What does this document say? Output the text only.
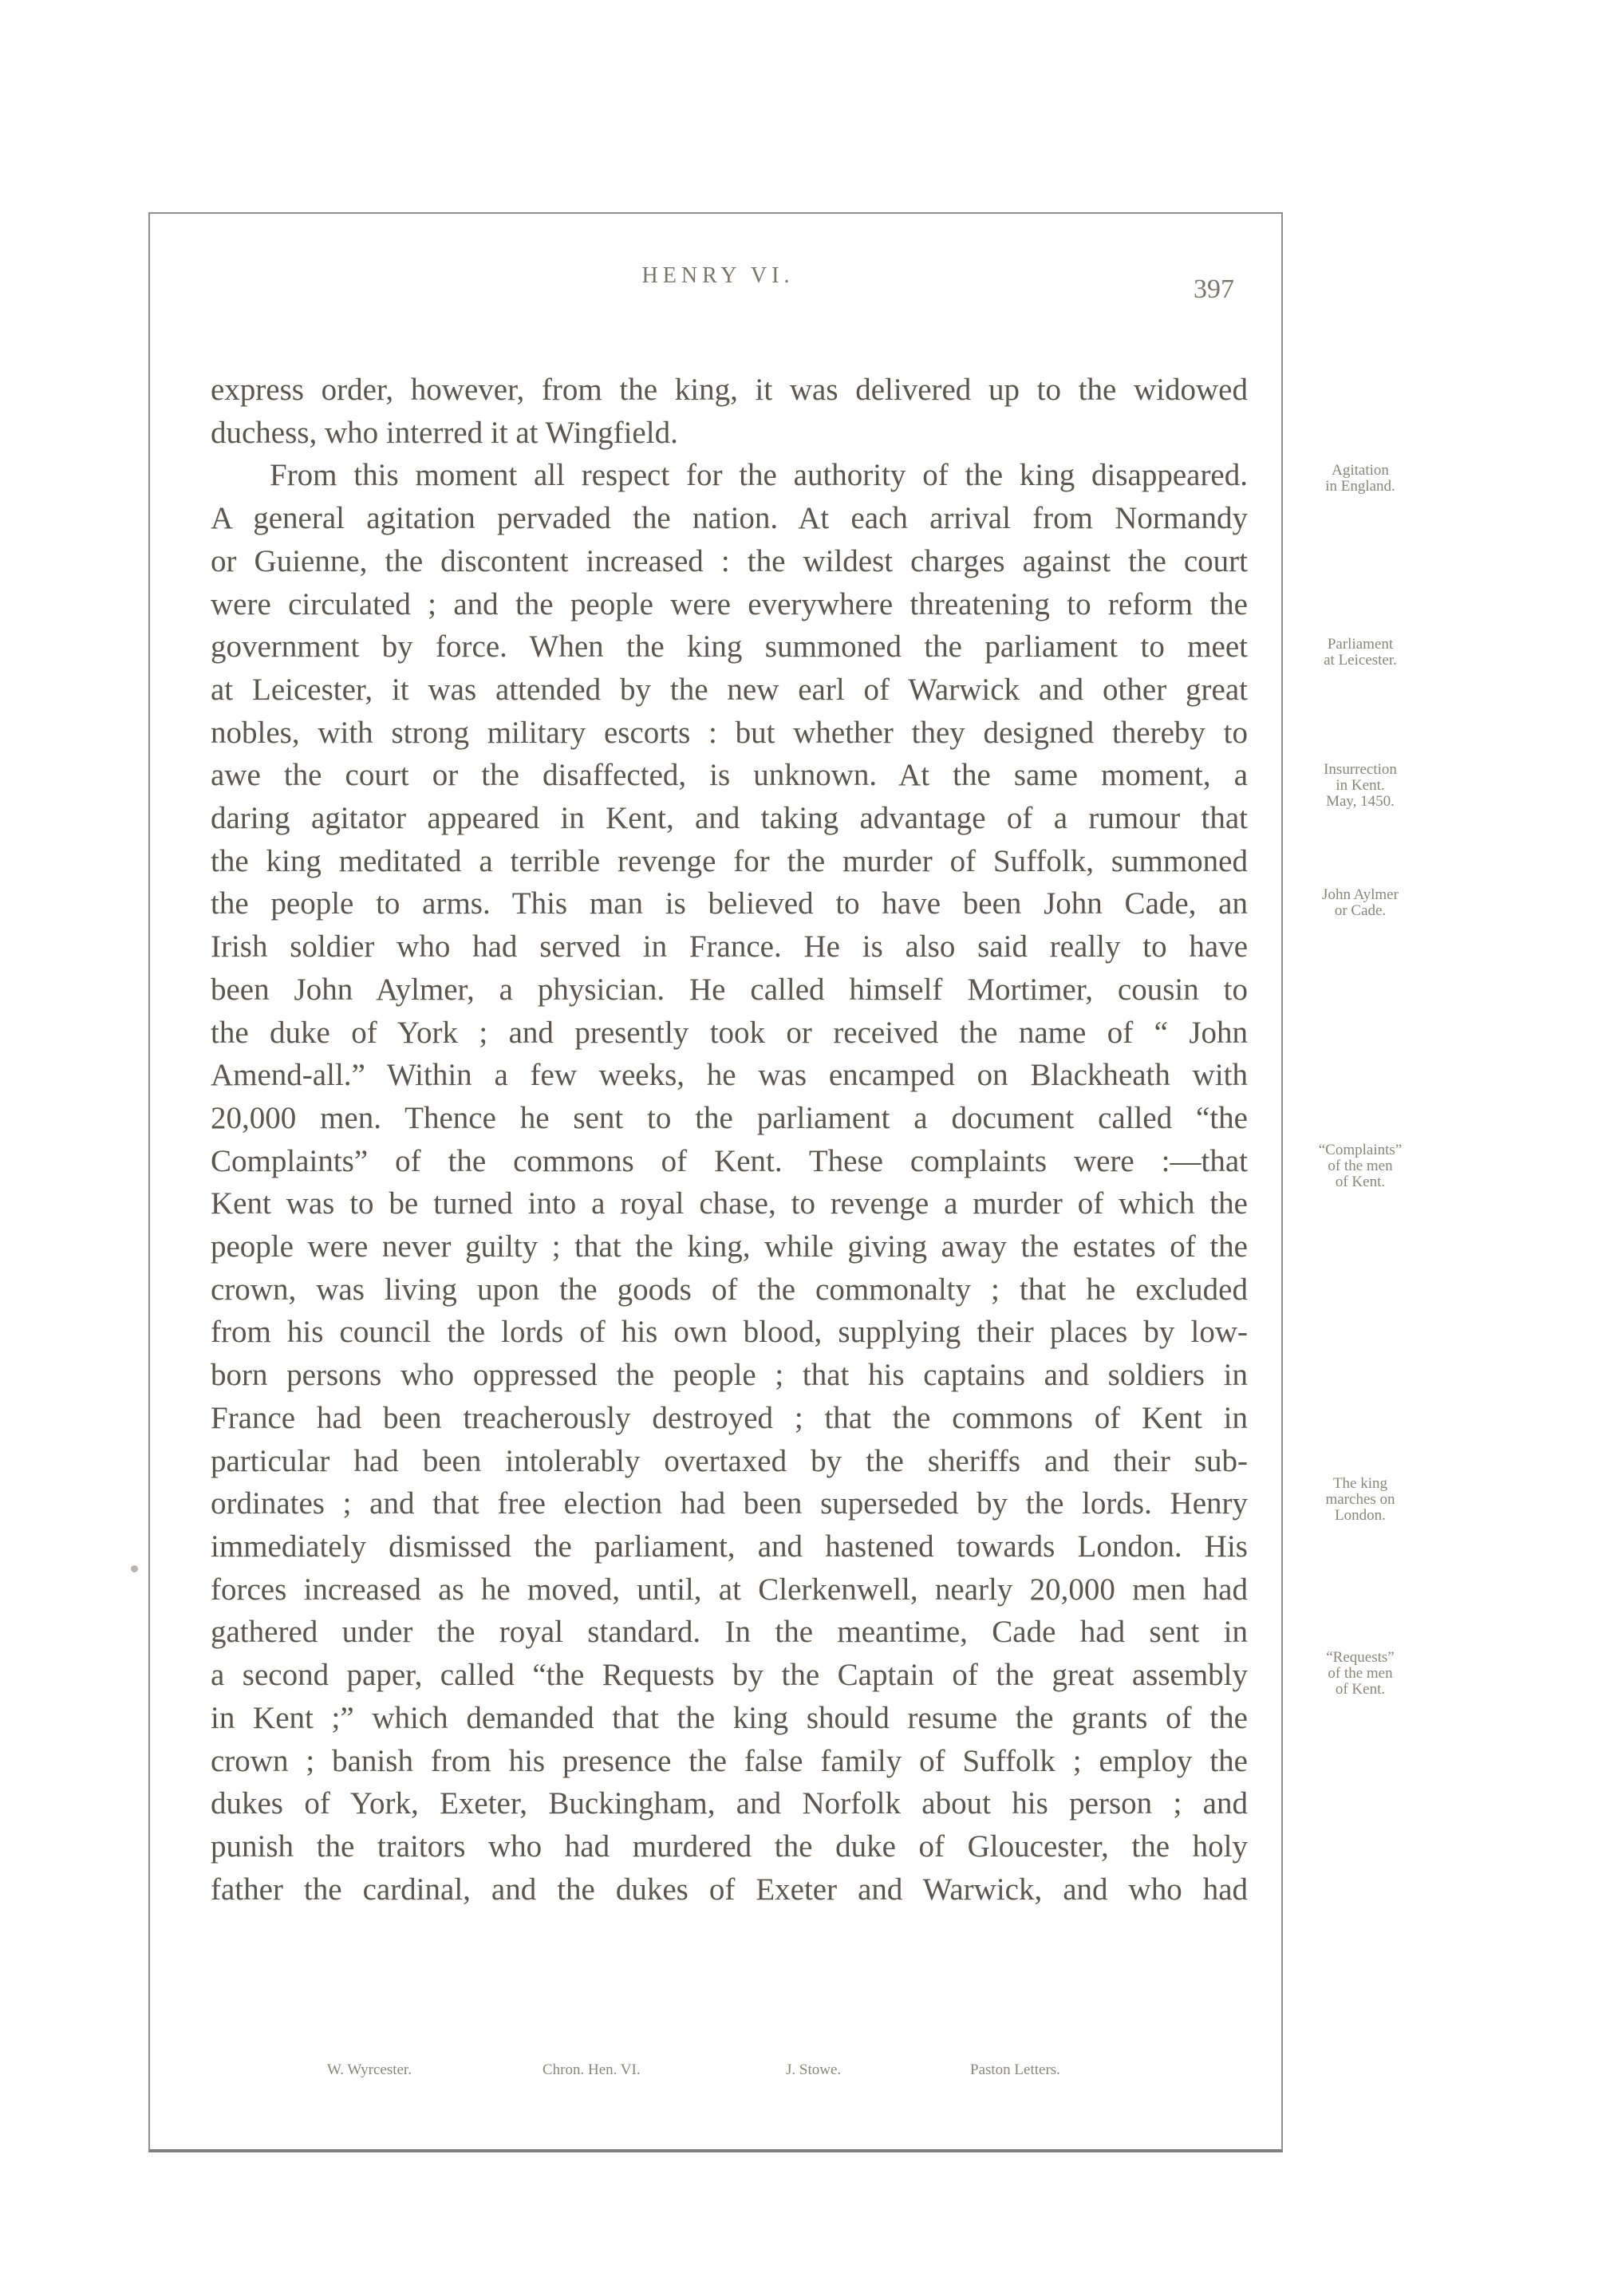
HENRY VI.	397
express order, however, from the king, it was delivered up to the widowed
duchess, who interred it at Wingfield.
From this moment all respect for the authority of the king disappeared.
A general agitation pervaded the nation. At each arrival from Normandy
or Guienne, the discontent increased : the wildest charges against the court
were circulated ; and the people were everywhere threatening to reform the
government by force. When the king summoned the parliament to meet
at Leicester, it was attended by the new earl of Warwick and other great
nobles, with strong military escorts : but whether they designed thereby to
awe the court or the disaffected, is unknown. At the same moment, a
daring agitator appeared in Kent, and taking advantage of a rumour that
the king meditated a terrible revenge for the murder of Suffolk, summoned
the people to arms. This man is believed to have been John Cade, an
Irish soldier who had served in France. He is also said really to have
been John Aylmer, a physician. He called himself Mortimer, cousin to
the duke of York ; and presently took or received the name of “ John
Amend-all.” Within a few weeks, he was encamped on Blackheath with
20,000 men. Thence he sent to the parliament a document called “the
Complaints” of the commons of Kent. These complaints were :—that
Kent was to be turned into a royal chase, to revenge a murder of which the
people were never guilty ; that the king, while giving away the estates of the
crown, was living upon the goods of the commonalty ; that he excluded
from his council the lords of his own blood, supplying their places by low-
born persons who oppressed the people ; that his captains and soldiers in
France had been treacherously destroyed ; that the commons of Kent in
particular had been intolerably overtaxed by the sheriffs and their sub-
ordinates ; and that free election had been superseded by the lords. Henry
immediately dismissed the parliament, and hastened towards London. His
forces increased as he moved, until, at Clerkenwell, nearly 20,000 men had
gathered under the royal standard. In the meantime, Cade had sent in
a second paper, called “the Requests by the Captain of the great assembly
in Kent ;” which demanded that the king should resume the grants of the
crown ; banish from his presence the false family of Suffolk ; employ the
dukes of York, Exeter, Buckingham, and Norfolk about his person ; and
punish the traitors who had murdered the duke of Gloucester, the holy
father the cardinal, and the dukes of Exeter and Warwick, and who had
Agitation
in England.
Parliament
at Leicester.
Insurrection
in Kent.
May, 1450.
John Aylmer
or Cade.
“Complaints”
of the men
of Kent.
The king
marches on
London.
“Requests”
of the men
of Kent.
W. Wyrcester.	Chron. Hen. VI.	J. Stowe.	Paston Letters.
